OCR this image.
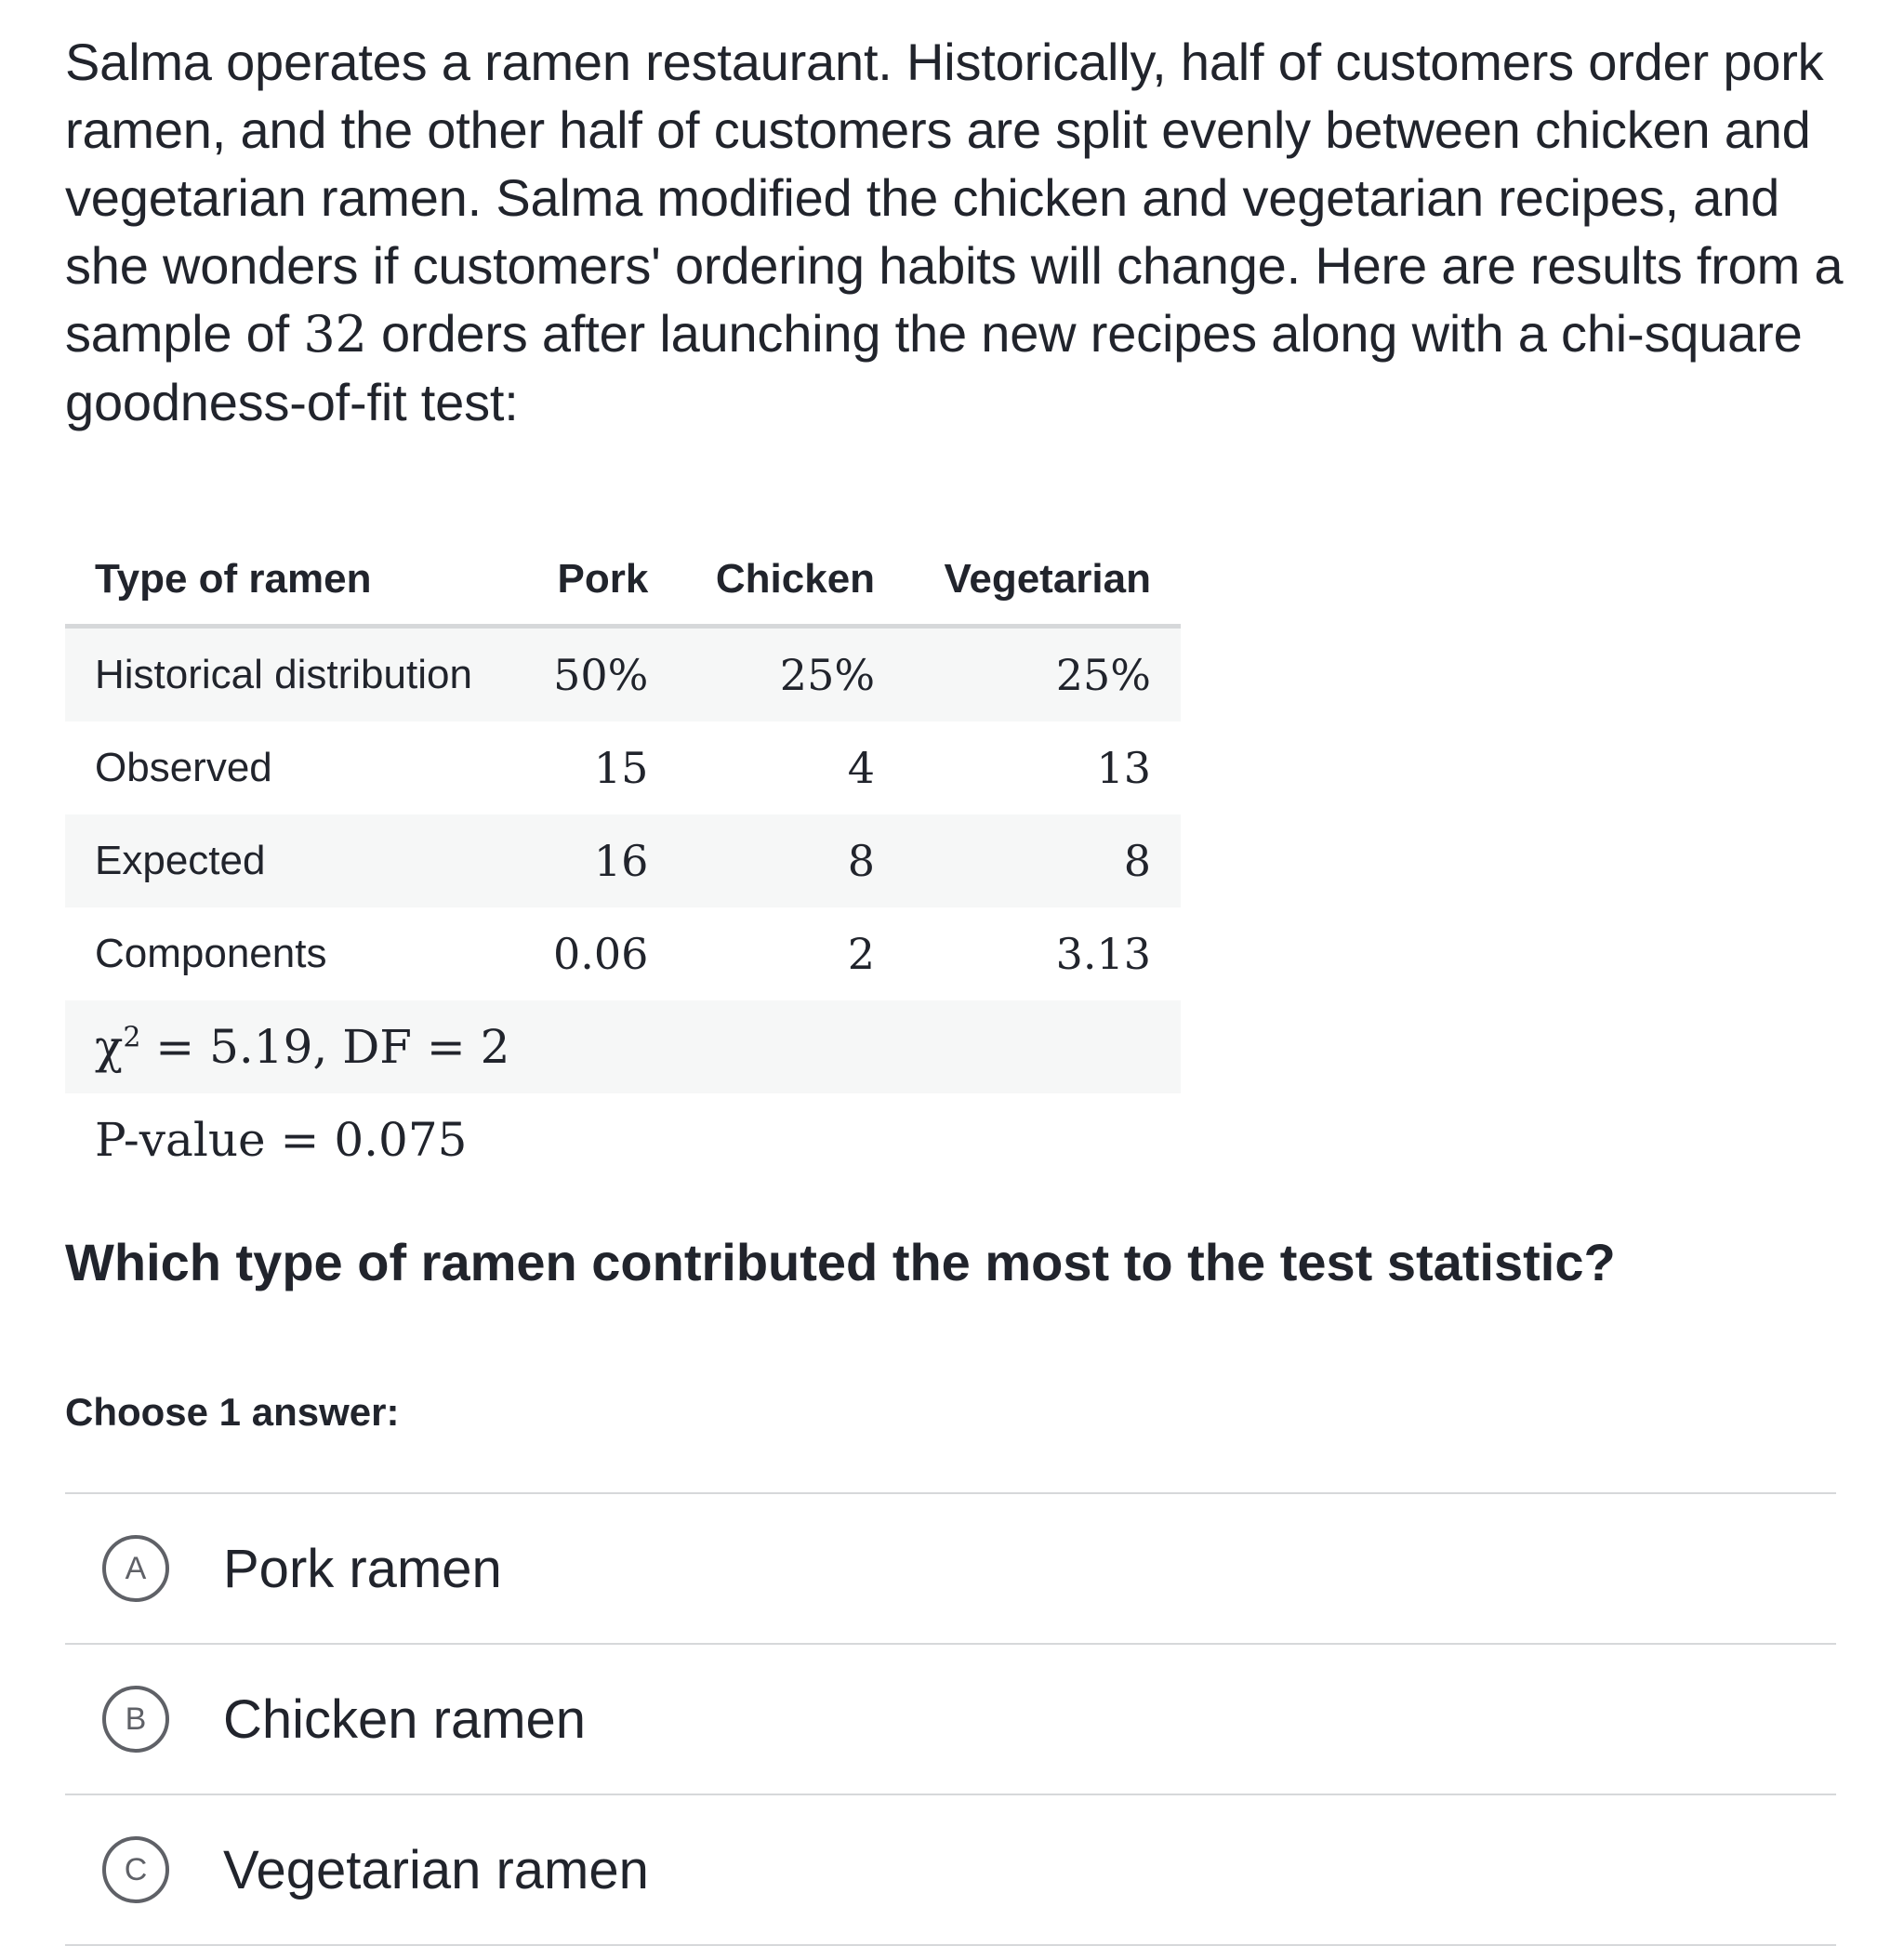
Salma operates a ramen restaurant. Historically, half of customers order pork ramen, and the other half of customers are split evenly between chicken and vegetarian ramen. Salma modified the chicken and vegetarian recipes, and she wonders if customers' ordering habits will change. Here are results from a sample of 32 orders after launching the new recipes along with a chi-square goodness-of-fit test:

Type of ramen	Pork	Chicken	Vegetarian
Historical distribution	50%	25%	25%
Observed	15	4	13
Expected	16	8	8
Components	0.06	2	3.13
$\chi^2 = 5.19$, DF = 2			
P-value = 0.075			
Which type of ramen contributed the most to the test statistic?

Choose 1 answer:

A	Pork ramen
B	Chicken ramen
C	Vegetarian ramen
